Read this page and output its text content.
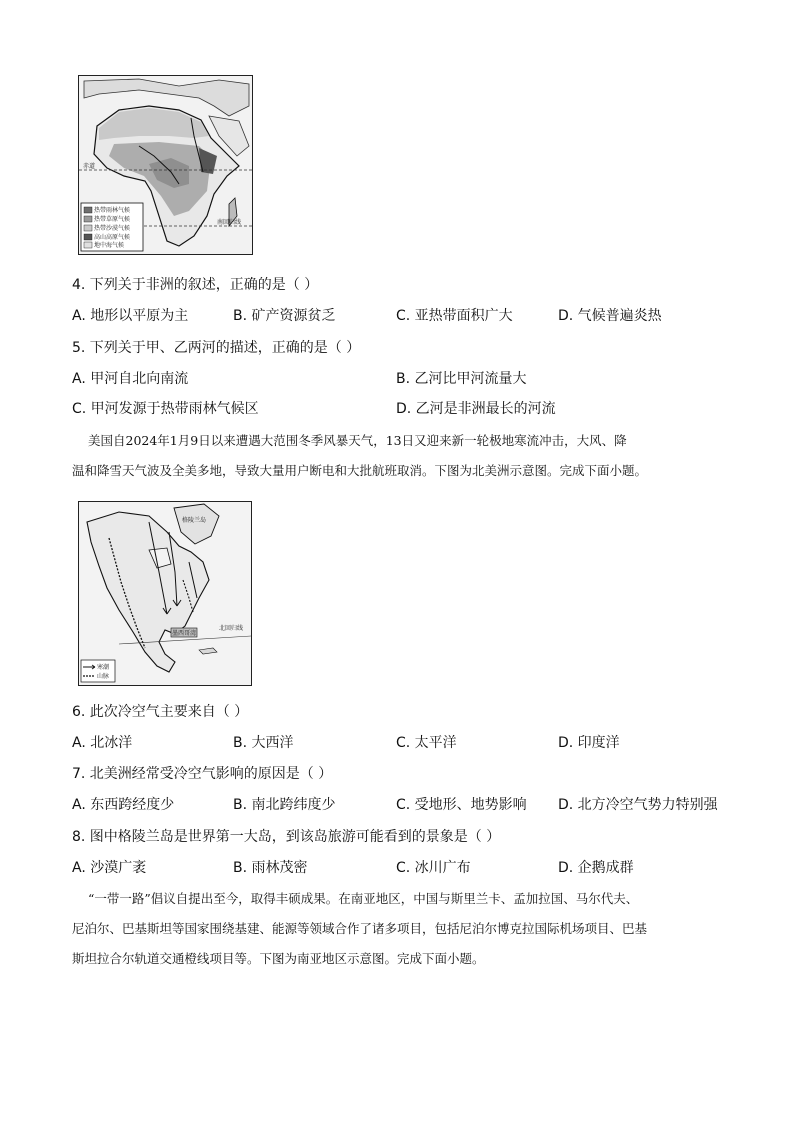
赤道
南回归线
热带雨林气候
热带草原气候
热带沙漠气候
高山高原气候
地中海气候
4. 下列关于非洲的叙述，正确的是（ ）
A. 地形以平原为主	B. 矿产资源贫乏	C. 亚热带面积广大	D. 气候普遍炎热
5. 下列关于甲、乙两河的描述，正确的是（ ）
A. 甲河自北向南流	B. 乙河比甲河流量大
C. 甲河发源于热带雨林气候区	D. 乙河是非洲最长的河流
美国自2024年1月9日以来遭遇大范围冬季风暴天气，13日又迎来新一轮极地寒流冲击，大风、降
温和降雪天气波及全美多地，导致大量用户断电和大批航班取消。下图为北美洲示意图。完成下面小题。
格陵兰岛
墨西哥湾
北回归线
寒潮
山脉
6. 此次冷空气主要来自（ ）
A. 北冰洋	B. 大西洋	C. 太平洋	D. 印度洋
7. 北美洲经常受冷空气影响的原因是（ ）
A. 东西跨经度少	B. 南北跨纬度少	C. 受地形、地势影响 D. 北方冷空气势力特别强
8. 图中格陵兰岛是世界第一大岛，到该岛旅游可能看到的景象是（ ）
A. 沙漠广袤	B. 雨林茂密	C. 冰川广布	D. 企鹅成群
“一带一路”倡议自提出至今，取得丰硕成果。在南亚地区，中国与斯里兰卡、孟加拉国、马尔代夫、
尼泊尔、巴基斯坦等国家围绕基建、能源等领域合作了诸多项目，包括尼泊尔博克拉国际机场项目、巴基
斯坦拉合尔轨道交通橙线项目等。下图为南亚地区示意图。完成下面小题。
